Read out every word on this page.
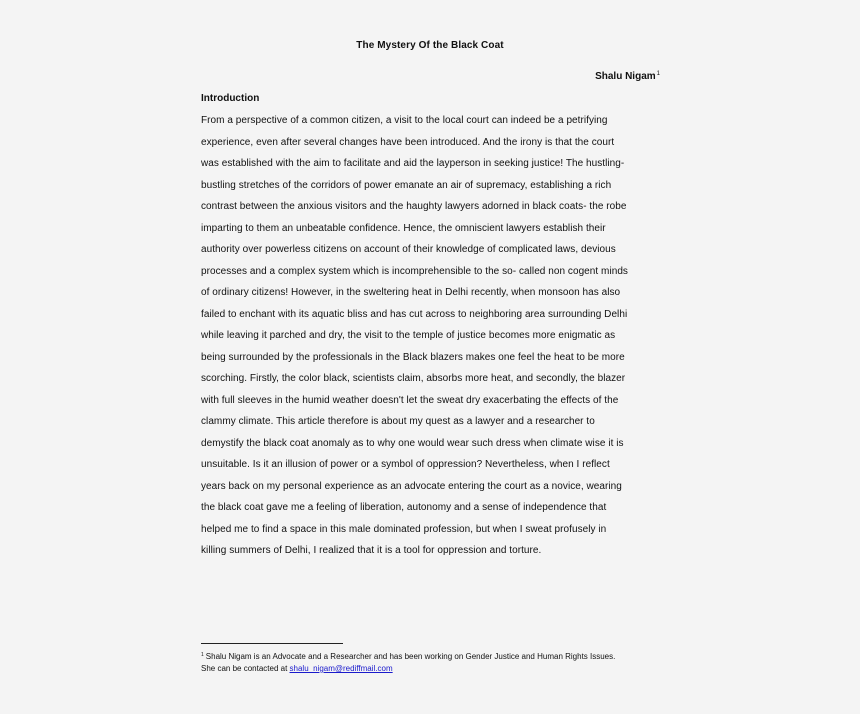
The Mystery Of the Black Coat
Shalu Nigam$^1$
Introduction
From a perspective of a common citizen, a visit to the local court can indeed be a petrifying
experience, even after several changes have been introduced. And the irony is that the court
was established with the aim to facilitate and aid the layperson in seeking justice! The hustling-
bustling stretches of the corridors of power emanate an air of supremacy, establishing a rich
contrast between the anxious visitors and the haughty lawyers adorned in black coats- the robe
imparting to them an unbeatable confidence. Hence, the omniscient lawyers establish their
authority over powerless citizens on account of their knowledge of complicated laws, devious
processes and a complex system which is incomprehensible to the so- called non cogent minds
of ordinary citizens! However, in the sweltering heat in Delhi recently, when monsoon has also
failed to enchant with its aquatic bliss and has cut across to neighboring area surrounding Delhi
while leaving it parched and dry, the visit to the temple of justice becomes more enigmatic as
being surrounded by the professionals in the Black blazers makes one feel the heat to be more
scorching. Firstly, the color black, scientists claim, absorbs more heat, and secondly, the blazer
with full sleeves in the humid weather doesn't let the sweat dry exacerbating the effects of the
clammy climate. This article therefore is about my quest as a lawyer and a researcher to
demystify the black coat anomaly as to why one would wear such dress when climate wise it is
unsuitable. Is it an illusion of power or a symbol of oppression? Nevertheless, when I reflect
years back on my personal experience as an advocate entering the court as a novice, wearing
the black coat gave me a feeling of liberation, autonomy and a sense of independence that
helped me to find a space in this male dominated profession, but when I sweat profusely in
killing summers of Delhi, I realized that it is a tool for oppression and torture.
$^1$ Shalu Nigam is an Advocate and a Researcher and has been working on Gender Justice and Human Rights Issues.
She can be contacted at shalu_nigam@rediffmail.com
